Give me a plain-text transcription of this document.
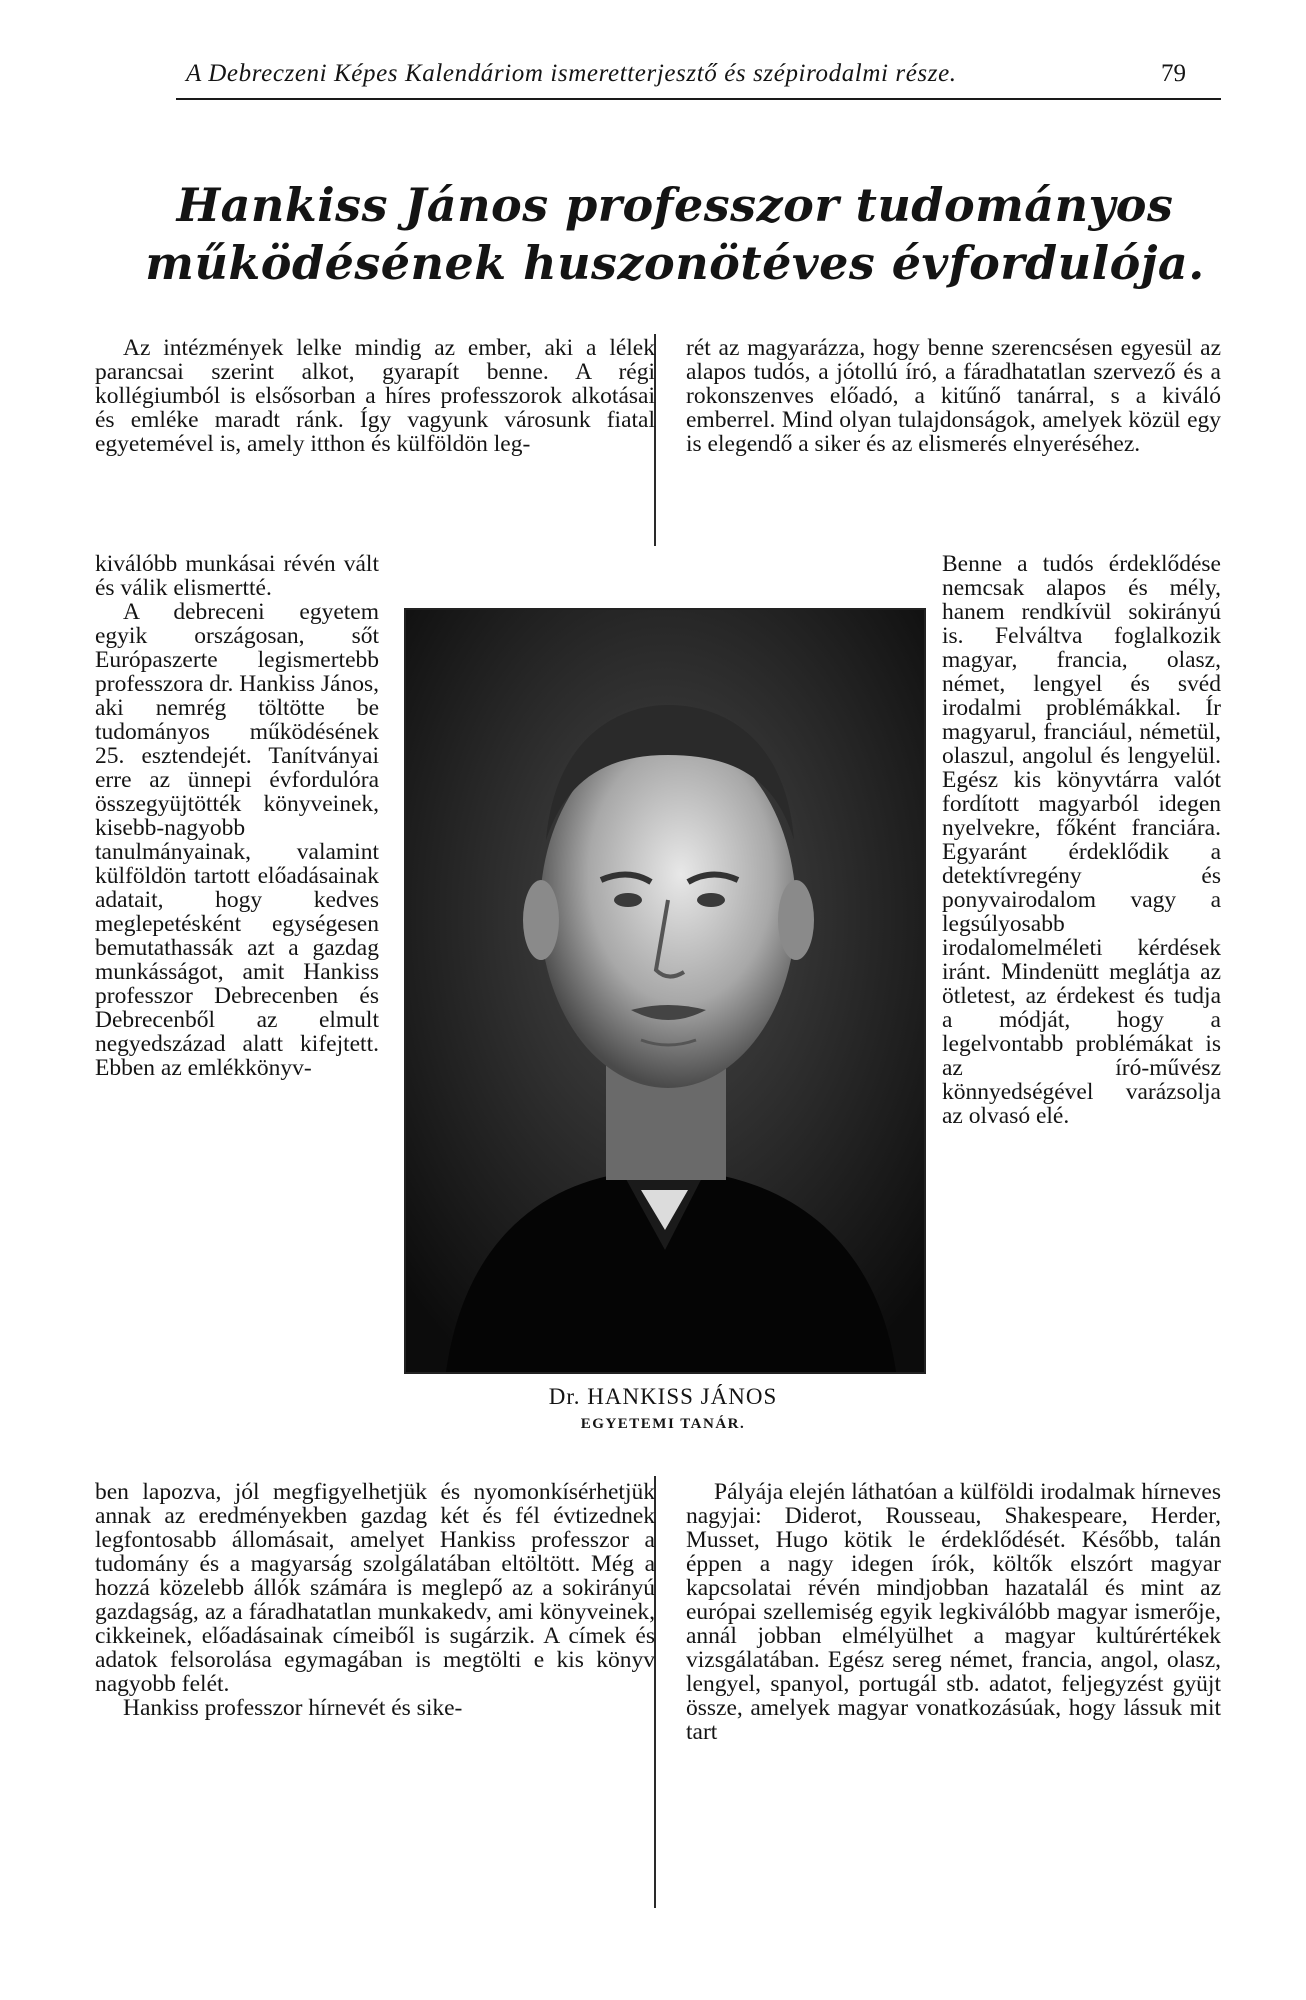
A Debreczeni Képes Kalendáriom ismeretterjesztő és szépirodalmi része.	79
Hankiss János professzor tudományos
működésének huszonötéves évfordulója.

Az intézmények lelke mindig az ember, aki a lélek parancsai szerint alkot, gyarapít benne. A régi kollégiumból is elsősorban a híres professzorok alkotásai és emléke maradt ránk. Így vagyunk városunk fiatal egyetemével is, amely itthon és külföldön leg-

rét az magyarázza, hogy benne szerencsésen egyesül az alapos tudós, a jótollú író, a fáradhatatlan szervező és a rokonszenves előadó, a kitűnő tanárral, s a kiváló emberrel. Mind olyan tulajdonságok, amelyek közül egy is elegendő a siker és az elismerés elnyeréséhez.

kiválóbb munkásai révén vált és válik elismertté.

A debreceni egyetem egyik országosan, sőt Európaszerte legismertebb professzora dr. Hankiss János, aki nemrég töltötte be tudományos működésének 25. esztendejét. Tanítványai erre az ünnepi évfordulóra összegyüjtötték könyveinek, kisebb-nagyobb tanulmányainak, valamint külföldön tartott előadásainak adatait, hogy kedves meglepetésként egységesen bemutathassák azt a gazdag munkásságot, amit Hankiss professzor Debrecenben és Debrecenből az elmult negyedszázad alatt kifejtett. Ebben az emlékkönyv-

Benne a tudós érdeklődése nemcsak alapos és mély, hanem rendkívül sokirányú is. Felváltva foglalkozik magyar, francia, olasz, német, lengyel és svéd irodalmi problémákkal. Ír magyarul, franciául, németül, olaszul, angolul és lengyelül. Egész kis könyvtárra valót fordított magyarból idegen nyelvekre, főként franciára. Egyaránt érdeklődik a detektívregény és ponyvairodalom vagy a legsúlyosabb irodalomelméleti kérdések iránt. Mindenütt meglátja az ötletest, az érdekest és tudja a módját, hogy a legelvontabb problémákat is az író-művész könnyedségével varázsolja az olvasó elé.

Dr. HANKISS JÁNOS
EGYETEMI TANÁR.

ben lapozva, jól megfigyelhetjük és nyomonkísérhetjük annak az eredményekben gazdag két és fél évtizednek legfontosabb állomásait, amelyet Hankiss professzor a tudomány és a magyarság szolgálatában eltöltött. Még a hozzá közelebb állók számára is meglepő az a sokirányú gazdagság, az a fáradhatatlan munkakedv, ami könyveinek, cikkeinek, előadásainak címeiből is sugárzik. A címek és adatok felsorolása egymagában is megtölti e kis könyv nagyobb felét.

Hankiss professzor hírnevét és sike-

Pályája elején láthatóan a külföldi irodalmak hírneves nagyjai: Diderot, Rousseau, Shakespeare, Herder, Musset, Hugo kötik le érdeklődését. Később, talán éppen a nagy idegen írók, költők elszórt magyar kapcsolatai révén mindjobban hazatalál és mint az európai szellemiség egyik legkiválóbb magyar ismerője, annál jobban elmélyülhet a magyar kultúrértékek vizsgálatában. Egész sereg német, francia, angol, olasz, lengyel, spanyol, portugál stb. adatot, feljegyzést gyüjt össze, amelyek magyar vonatkozásúak, hogy lássuk mit tart
